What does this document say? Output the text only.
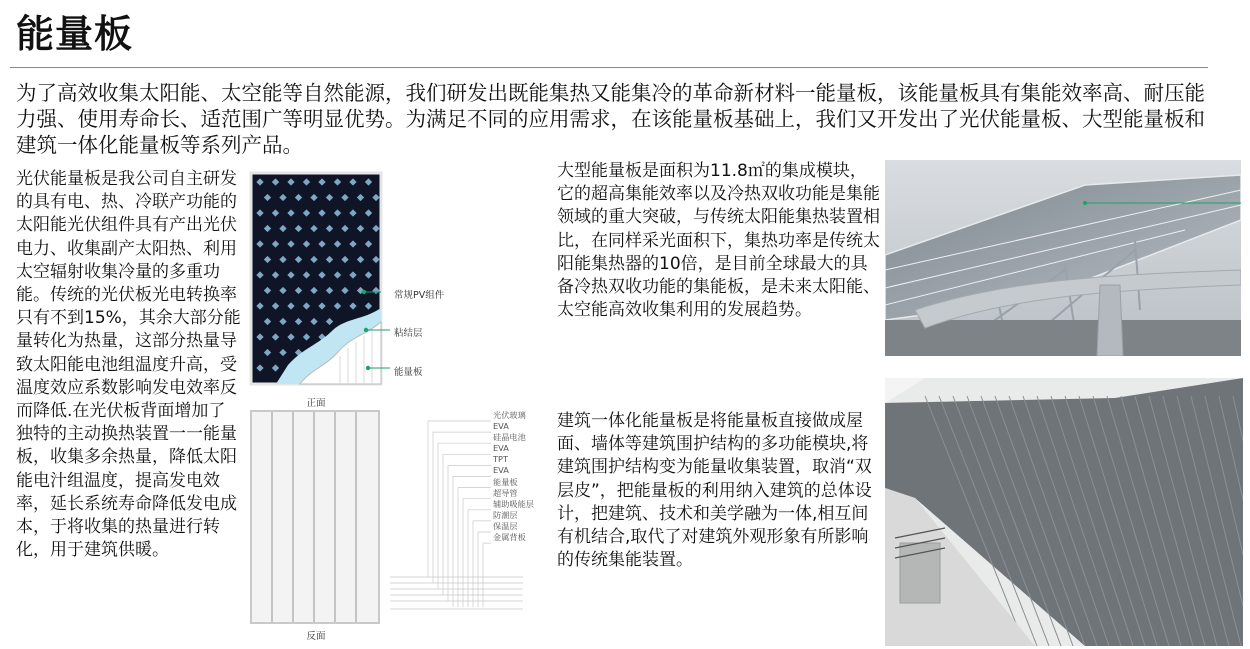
能量板
为了高效收集太阳能、太空能等自然能源，我们研发出既能集热又能集冷的革命新材料一能量板，该能量板具有集能效率高、耐压能力强、使用寿命长、适范围广等明显优势。为满足不同的应用需求，在该能量板基础上，我们又开发出了光伏能量板、大型能量板和建筑一体化能量板等系列产品。
光伏能量板是我公司自主研发的具有电、热、冷联产功能的太阳能光伏组件具有产出光伏电力、收集副产太阳热、利用太空辐射收集冷量的多重功能。传统的光伏板光电转换率只有不到15%，其余大部分能量转化为热量，这部分热量导致太阳能电池组温度升高，受温度效应系数影响发电效率反而降低.在光伏板背面增加了独特的主动换热装置一一能量板，收集多余热量，降低太阳能电汁组温度，提高发电效率，延长系统寿命降低发电成本，于将收集的热量进行转化，用于建筑供暖。
常规PV组件
粘结层
能量板
正面
反面
光伏玻璃
EVA
硅晶电池
EVA
TPT
EVA
能量板
超导管
辅助吸能层
防潮层
保温层
金属背板
大型能量板是面积为11.8㎡的集成模块，它的超高集能效率以及冷热双收功能是集能领域的重大突破，与传统太阳能集热装置相比，在同样采光面积下，集热功率是传统太阳能集热器的10倍，是目前全球最大的具备冷热双收功能的集能板，是未来太阳能、太空能高效收集利用的发展趋势。
建筑一体化能量板是将能量板直接做成屋面、墙体等建筑围护结构的多功能模块,将建筑围护结构变为能量收集装置，取消“双层皮”，把能量板的利用纳入建筑的总体设计，把建筑、技术和美学融为一体,相互间有机结合,取代了对建筑外观形象有所影响的传统集能装置。
